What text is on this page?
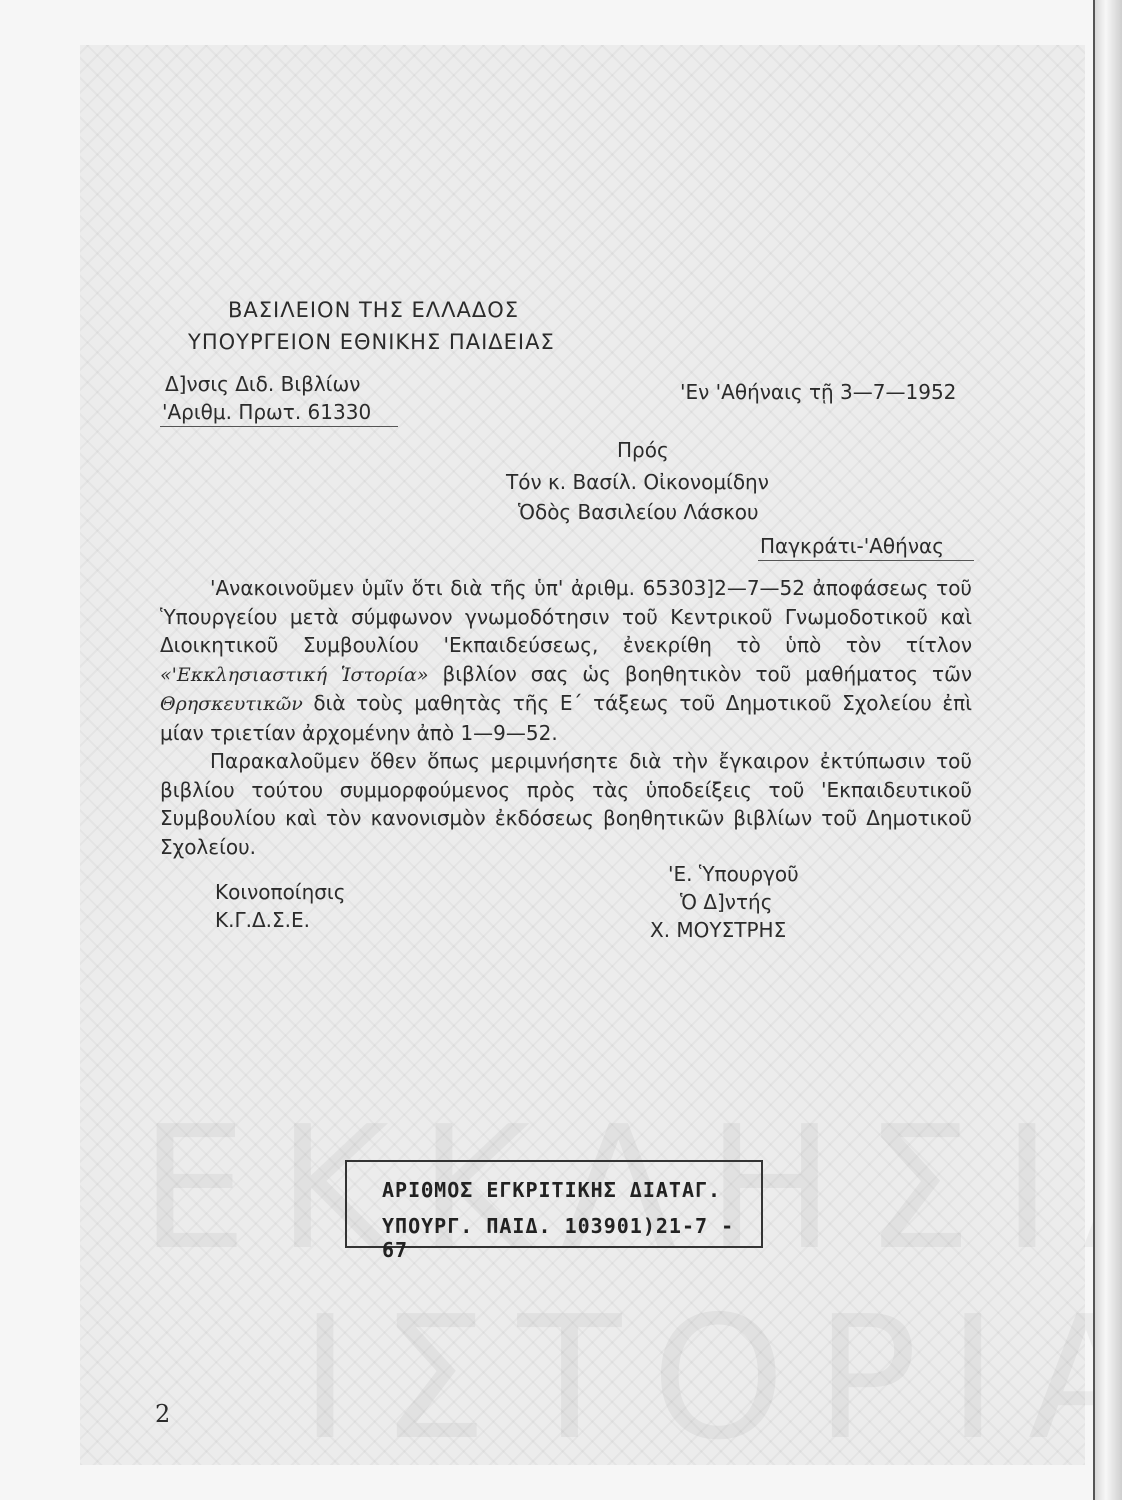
ΒΑΣΙΛΕΙΟΝ ΤΗΣ ΕΛΛΑΔΟΣ
ΥΠΟΥΡΓΕΙΟΝ ΕΘΝΙΚΗΣ ΠΑΙΔΕΙΑΣ
Δ]νσις Διδ. Βιβλίων
'Αριθμ. Πρωτ. 61330
'Εν 'Αθήναις τῇ 3—7—1952
Πρός
Τόν κ. Βασίλ. Οἰκονομίδην
Ὁδὸς Βασιλείου Λάσκου
Παγκράτι-'Αθήνας

'Ανακοινοῦμεν ὑμῖν ὅτι διὰ τῆς ὑπ' ἀριθμ. 65303]2—7—52 ἀποφάσεως τοῦ Ὑπουργείου μετὰ σύμφωνον γνωμοδότησιν τοῦ Κεντρικοῦ Γνωμοδοτικοῦ καὶ Διοικητικοῦ Συμβουλίου 'Εκπαιδεύσεως, ἐνεκρίθη τὸ ὑπὸ τὸν τίτλον «'Εκκλησιαστική Ἱστορία» βιβλίον σας ὡς βοηθητικὸν τοῦ μαθήματος τῶν Θρησκευτικῶν διὰ τοὺς μαθητὰς τῆς Ε΄ τάξεως τοῦ Δημοτικοῦ Σχολείου ἐπὶ μίαν τριετίαν ἀρχομένην ἀπὸ 1—9—52.

Παρακαλοῦμεν ὅθεν ὅπως μεριμνήσητε διὰ τὴν ἔγκαιρον ἐκτύπωσιν τοῦ βιβλίου τούτου συμμορφούμενος πρὸς τὰς ὑποδείξεις τοῦ 'Εκπαιδευτικοῦ Συμβουλίου καὶ τὸν κανονισμὸν ἐκδόσεως βοηθητικῶν βιβλίων τοῦ Δημοτικοῦ Σχολείου.

Κοινοποίησις
Κ.Γ.Δ.Σ.Ε.
'Ε. Ὑπουργοῦ
Ὁ Δ]ντής
Χ. ΜΟΥΣΤΡΗΣ
ΑΡΙΘΜΟΣ ΕΓΚΡΙΤΙΚΗΣ ΔΙΑΤΑΓ.
ΥΠΟΥΡΓ. ΠΑΙΔ. 103901)21-7 - 67
2
